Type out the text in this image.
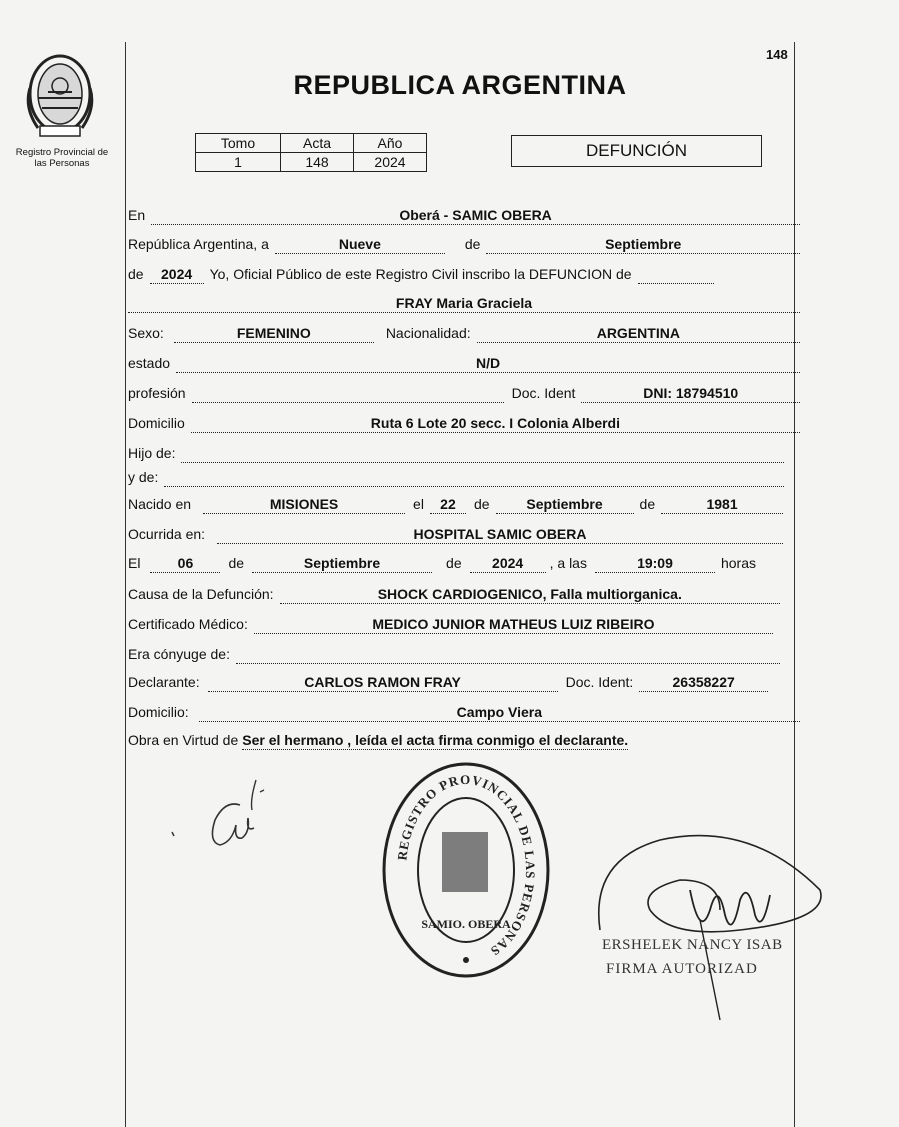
148
Registro Provincial de
las Personas
REPUBLICA ARGENTINA
Tomo	Acta	Año
1	148	2024
DEFUNCIÓN
En	Oberá - SAMIC OBERA
República Argentina, a	Nueve	de	Septiembre
de	2024	Yo, Oficial Público de este Registro Civil inscribo la DEFUNCION de
FRAY Maria Graciela
Sexo:	FEMENINO	Nacionalidad:	ARGENTINA
estado	N/D
profesión	Doc. Ident	DNI: 18794510
Domicilio	Ruta 6 Lote 20 secc. I Colonia Alberdi
Hijo de:
y de:
Nacido en	MISIONES	el	22	de	Septiembre	de	1981
Ocurrida en:	HOSPITAL SAMIC OBERA
El	06	de	Septiembre	de	2024	, a las	19:09	horas
Causa de la Defunción:	SHOCK CARDIOGENICO, Falla multiorganica.
Certificado Médico:	MEDICO JUNIOR MATHEUS LUIZ RIBEIRO
Era cónyuge de:
Declarante:	CARLOS RAMON FRAY	Doc. Ident:	26358227
Domicilio:	Campo Viera
Obra en Virtud de Ser el hermano , leída el acta firma conmigo el declarante.
REGISTRO PROVINCIAL DE LAS PERSONAS
SAMIO. OBERA
ERSHELEK NANCY ISAB
FIRMA AUTORIZAD
